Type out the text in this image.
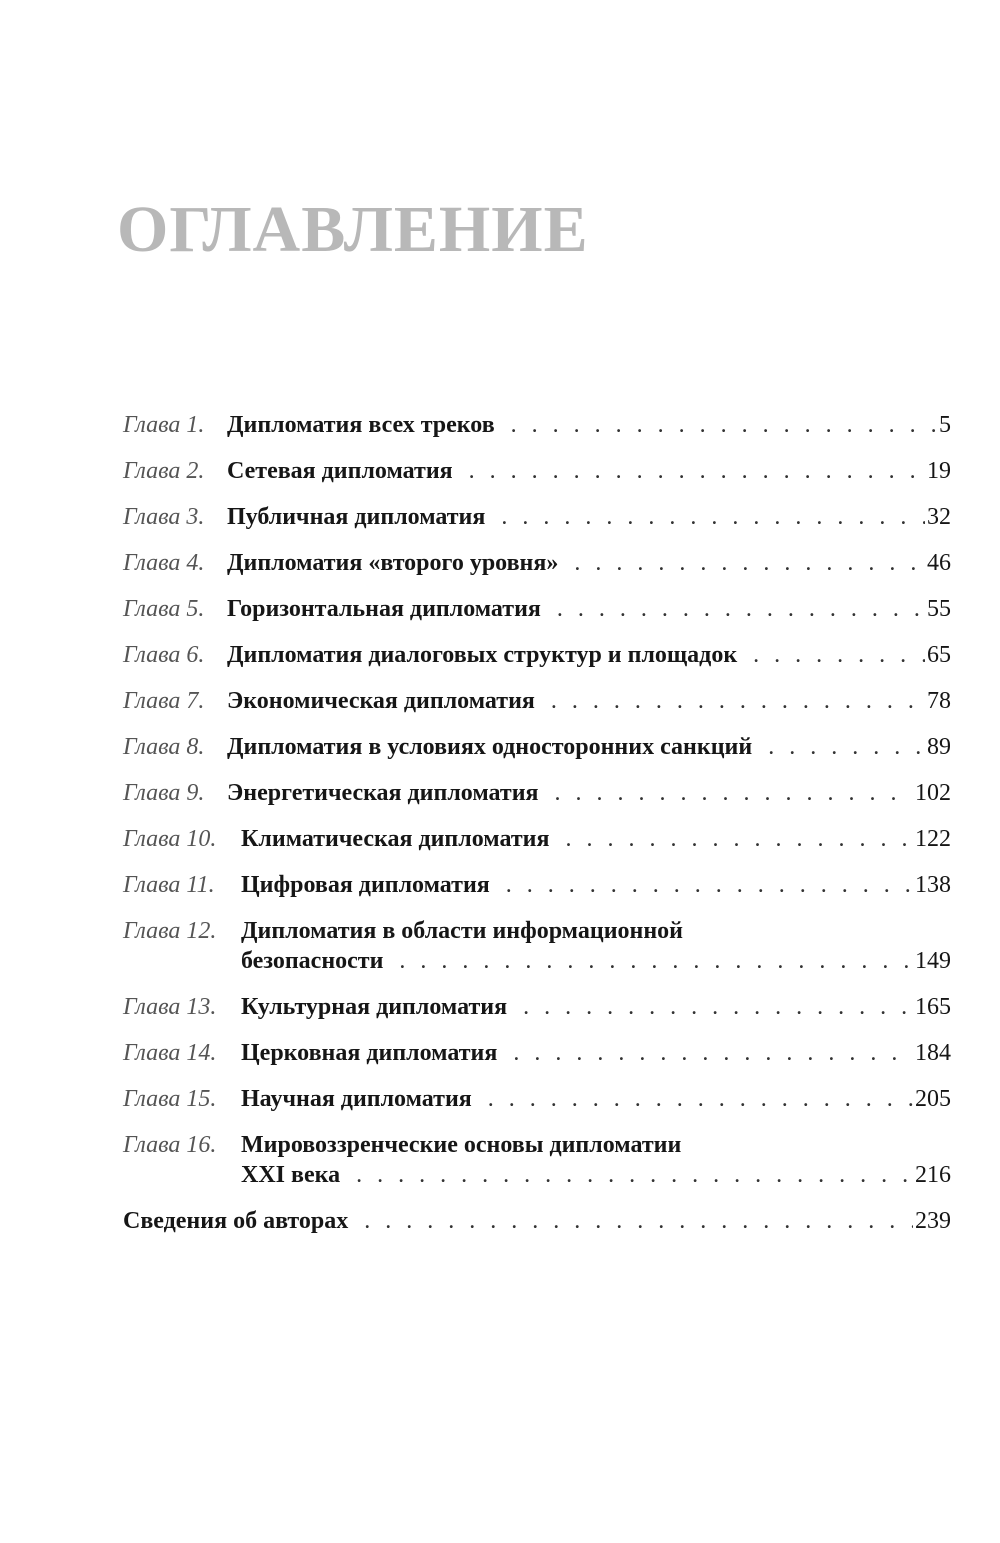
ОГЛАВЛЕНИЕ
Глава 1. Дипломатия всех треков . . .	5
Глава 2. Сетевая дипломатия . . .	19
Глава 3. Публичная дипломатия . . .	32
Глава 4. Дипломатия «второго уровня» . . .	46
Глава 5. Горизонтальная дипломатия . . .	55
Глава 6. Дипломатия диалоговых структур и площадок . . .	65
Глава 7. Экономическая дипломатия . . .	78
Глава 8. Дипломатия в условиях односторонних санкций . . .	89
Глава 9. Энергетическая дипломатия . . .	102
Глава 10.	Климатическая дипломатия . . .	122
Глава 11.	Цифровая дипломатия . . .	138
Глава 12.	Дипломатия в области информационной
безопасности . . .	149
Глава 13.	Культурная дипломатия . . .	165
Глава 14.	Церковная дипломатия . . .	184
Глава 15.	Научная дипломатия . . .	205
Глава 16.	Мировоззренческие основы дипломатии
XXI века . . .	216
Сведения об авторах . . .	239
